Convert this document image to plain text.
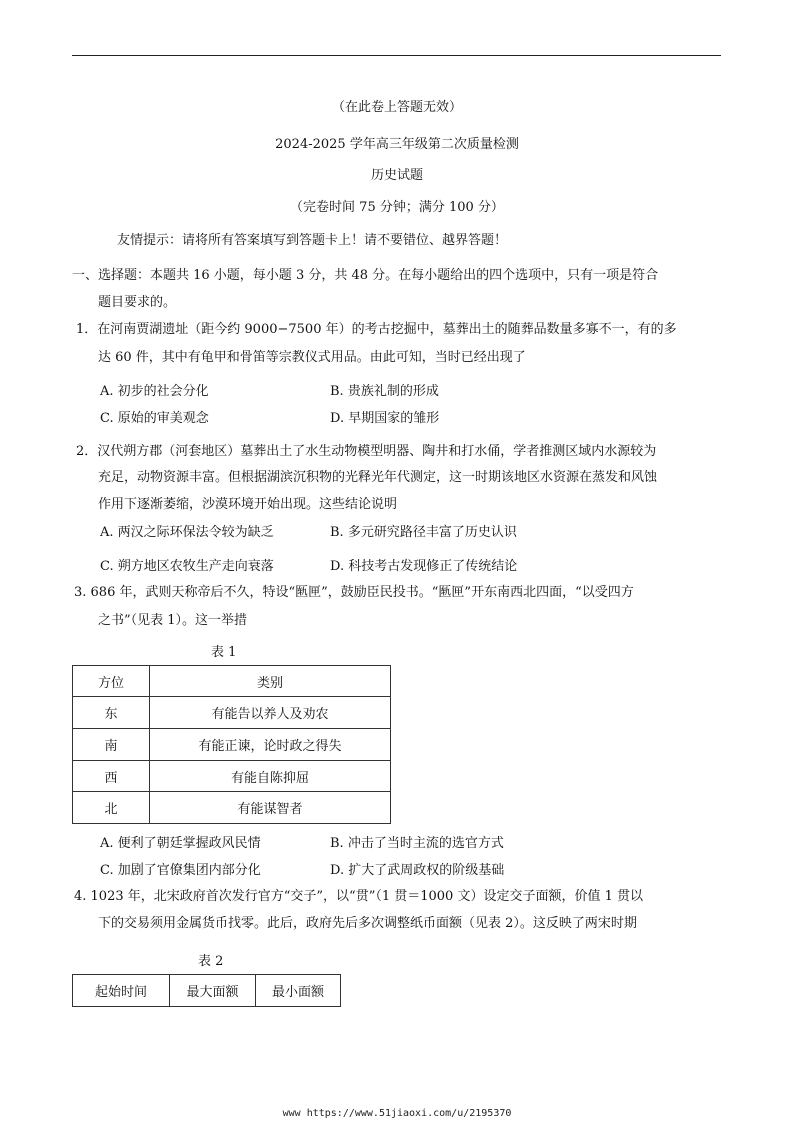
（在此卷上答题无效）
2024-2025 学年高三年级第二次质量检测
历史试题
（完卷时间 75 分钟；满分 100 分）
友情提示：请将所有答案填写到答题卡上！请不要错位、越界答题！
一、选择题：本题共 16 小题，每小题 3 分，共 48 分。在每小题给出的四个选项中，只有一项是符合
题目要求的。
1．在河南贾湖遗址（距今约 9000−7500 年）的考古挖掘中，墓葬出土的随葬品数量多寡不一，有的多
达 60 件，其中有龟甲和骨笛等宗教仪式用品。由此可知，当时已经出现了
A. 初步的社会分化	B. 贵族礼制的形成
C. 原始的审美观念	D. 早期国家的雏形
2．汉代朔方郡（河套地区）墓葬出土了水生动物模型明器、陶井和打水俑，学者推测区域内水源较为
充足，动物资源丰富。但根据湖滨沉积物的光释光年代测定，这一时期该地区水资源在蒸发和风蚀
作用下逐渐萎缩，沙漠环境开始出现。这些结论说明
A. 两汉之际环保法令较为缺乏	B. 多元研究路径丰富了历史认识
C. 朔方地区农牧生产走向衰落	D. 科技考古发现修正了传统结论
3. 686 年，武则天称帝后不久，特设“匦匣”，鼓励臣民投书。“匦匣”开东南西北四面，“以受四方
之书”（见表 1）。这一举措
表 1
方位	类别
东	有能告以养人及劝农
南	有能正谏，论时政之得失
西	有能自陈抑屈
北	有能谋智者
A. 便利了朝廷掌握政风民情	B. 冲击了当时主流的选官方式
C. 加剧了官僚集团内部分化	D. 扩大了武周政权的阶级基础
4. 1023 年，北宋政府首次发行官方“交子”，以“贯”（1 贯＝1000 文）设定交子面额，价值 1 贯以
下的交易须用金属货币找零。此后，政府先后多次调整纸币面额（见表 2）。这反映了两宋时期
表 2
起始时间	最大面额	最小面额
www https://www.51jiaoxi.com/u/2195370
